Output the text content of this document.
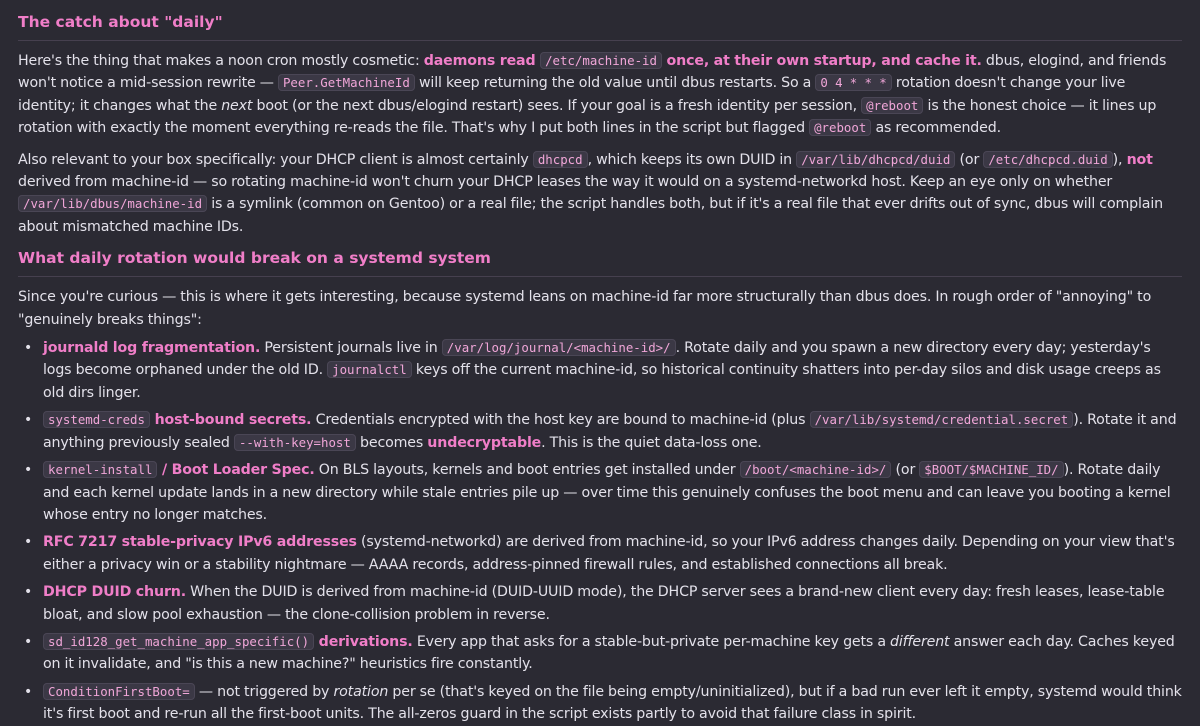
The catch about "daily"

Here's the thing that makes a noon cron mostly cosmetic: daemons read /etc/machine-id once, at their own startup, and cache it. dbus, elogind, and friends won't notice a mid-session rewrite — Peer.GetMachineId will keep returning the old value until dbus restarts. So a 0 4 * * * rotation doesn't change your live identity; it changes what the next boot (or the next dbus/elogind restart) sees. If your goal is a fresh identity per session, @reboot is the honest choice — it lines up rotation with exactly the moment everything re-reads the file. That's why I put both lines in the script but flagged @reboot as recommended.

Also relevant to your box specifically: your DHCP client is almost certainly dhcpcd , which keeps its own DUID in /var/lib/dhcpcd/duid (or /etc/dhcpcd.duid ), not derived from machine-id — so rotating machine-id won't churn your DHCP leases the way it would on a systemd-networkd host. Keep an eye only on whether /var/lib/dbus/machine-id is a symlink (common on Gentoo) or a real file; the script handles both, but if it's a real file that ever drifts out of sync, dbus will complain about mismatched machine IDs.

What daily rotation would break on a systemd system

Since you're curious — this is where it gets interesting, because systemd leans on machine-id far more structurally than dbus does. In rough order of "annoying" to "genuinely breaks things":

• journald log fragmentation. Persistent journals live in /var/log/journal/<machine-id>/ . Rotate daily and you spawn a new directory every day; yesterday's logs become orphaned under the old ID. journalctl keys off the current machine-id, so historical continuity shatters into per-day silos and disk usage creeps as old dirs linger.
• systemd-creds host-bound secrets. Credentials encrypted with the host key are bound to machine-id (plus /var/lib/systemd/credential.secret ). Rotate it and anything previously sealed --with-key=host becomes undecryptable. This is the quiet data-loss one.
• kernel-install / Boot Loader Spec. On BLS layouts, kernels and boot entries get installed under /boot/<machine-id>/ (or $BOOT/$MACHINE_ID/ ). Rotate daily and each kernel update lands in a new directory while stale entries pile up — over time this genuinely confuses the boot menu and can leave you booting a kernel whose entry no longer matches.
• RFC 7217 stable-privacy IPv6 addresses (systemd-networkd) are derived from machine-id, so your IPv6 address changes daily. Depending on your view that's either a privacy win or a stability nightmare — AAAA records, address-pinned firewall rules, and established connections all break.
• DHCP DUID churn. When the DUID is derived from machine-id (DUID-UUID mode), the DHCP server sees a brand-new client every day: fresh leases, lease-table bloat, and slow pool exhaustion — the clone-collision problem in reverse.
• sd_id128_get_machine_app_specific() derivations. Every app that asks for a stable-but-private per-machine key gets a different answer each day. Caches keyed on it invalidate, and "is this a new machine?" heuristics fire constantly.
• ConditionFirstBoot= — not triggered by rotation per se (that's keyed on the file being empty/uninitialized), but if a bad run ever left it empty, systemd would think it's first boot and re-run all the first-boot units. The all-zeros guard in the script exists partly to avoid that failure class in spirit.
